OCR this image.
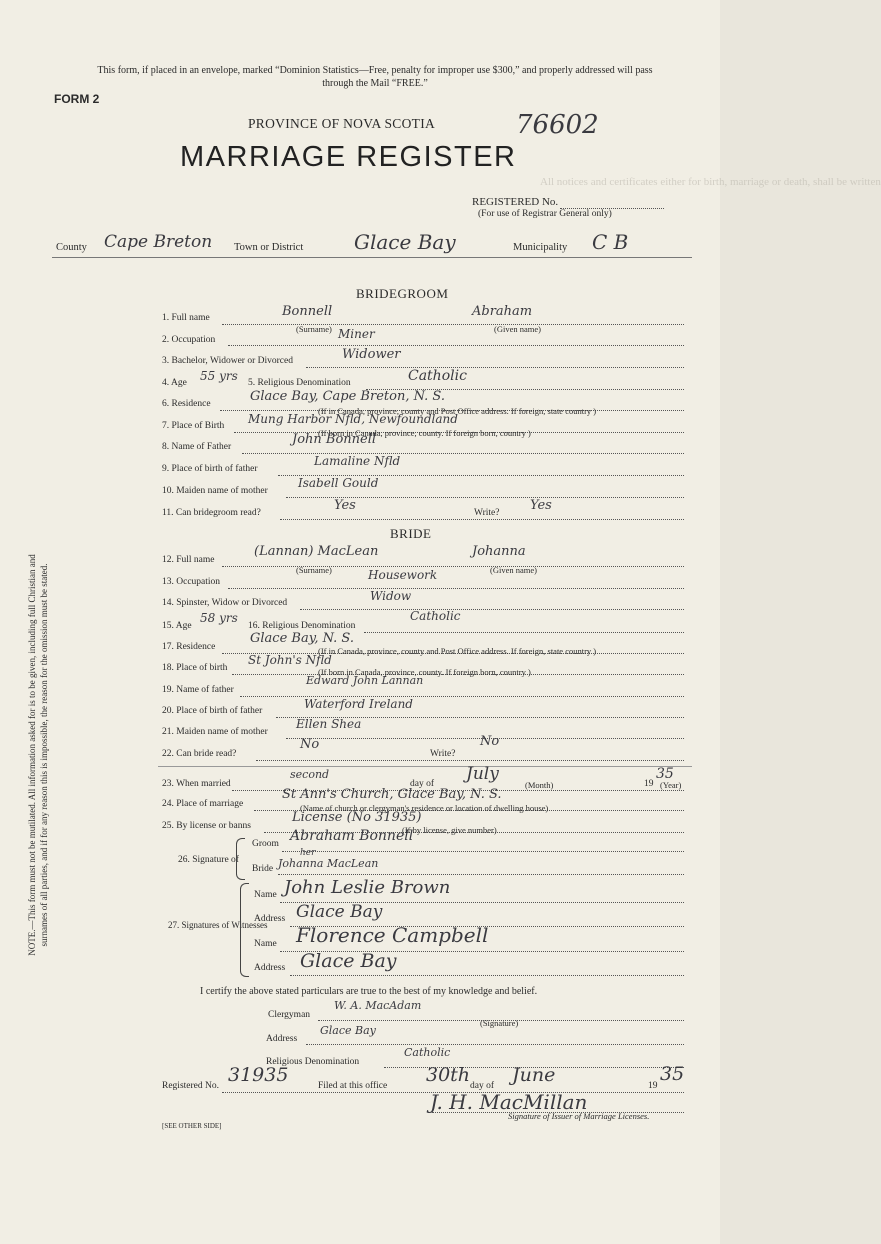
All notices and certificates either for birth, marriage or death, shall be written
This form, if placed in an envelope, marked “Dominion Statistics—Free, penalty for improper use $300,” and properly addressed will pass through the Mail “FREE.”
FORM 2
PROVINCE OF NOVA SCOTIA	76602
MARRIAGE REGISTER
REGISTERED No.
(For use of Registrar General only)
County Cape Breton Town or District	Glace Bay	Municipality C B
NOTE.—This form must not be mutilated. All information asked for is to be given, including full Christian and surnames of all parties, and if for any reason this is impossible, the reason for the omission must be stated.
BRIDEGROOM
1. Full name	Bonnell	Abraham
(Surname)	(Given name)
2. Occupation	Miner
3. Bachelor, Widower or Divorced	Widower
4. Age 55 yrs 5. Religious Denomination	Catholic
6. Residence	Glace Bay, Cape Breton, N. S.
(If in Canada, province, county and Post Office address. If foreign, state country )
7. Place of Birth Mung Harbor Nfld, Newfoundland
(If born in Canada, province, county. If foreign born, country )
8. Name of Father	John Bonnell
9. Place of birth of father
Lamaline Nfld
10. Maiden name of mother
Isabell Gould
11. Can bridegroom read?	Yes	Write? Yes
BRIDE
12. Full name
(Lannan) MacLean	Johanna
(Surname)	(Given name)
13. Occupation	Housework
14. Spinster, Widow or Divorced	Widow
15. Age
58 yrs
16. Religious Denomination
Catholic
17. Residence
Glace Bay, N. S.
(If in Canada, province, county and Post Office address. If foreign, state country )
18. Place of birth
St John's Nfld
(If born in Canada, province, county. If foreign born, country )
19. Name of father
Edward John Lannan
20. Place of birth of father	Waterford Ireland
21. Maiden name of mother
Ellen Shea
22. Can bride read?
No
Write?
No
23. When married
second
day of July	19
35
(Month)	(Year)
24. Place of marriage
St Ann's Church, Glace Bay, N. S.
(Name of church or clergyman's residence or location of dwelling house)
25. By license or banns
License (No 31935)
(If by license, give number)
26. Signature of
Groom Abraham Bonnell
Bride
her
Johanna MacLean
27. Signatures of Witnesses
Name John Leslie Brown
Address Glace Bay
Name Florence Campbell
Address Glace Bay
I certify the above stated particulars are true to the best of my knowledge and belief.
Clergyman
W. A. MacAdam
(Signature)
Address
Glace Bay
Religious Denomination
Catholic
Registered No. 31935	Filed at this office 30th day of June	19
35
J. H. MacMillan
Signature of Issuer of Marriage Licenses.
[SEE OTHER SIDE]
